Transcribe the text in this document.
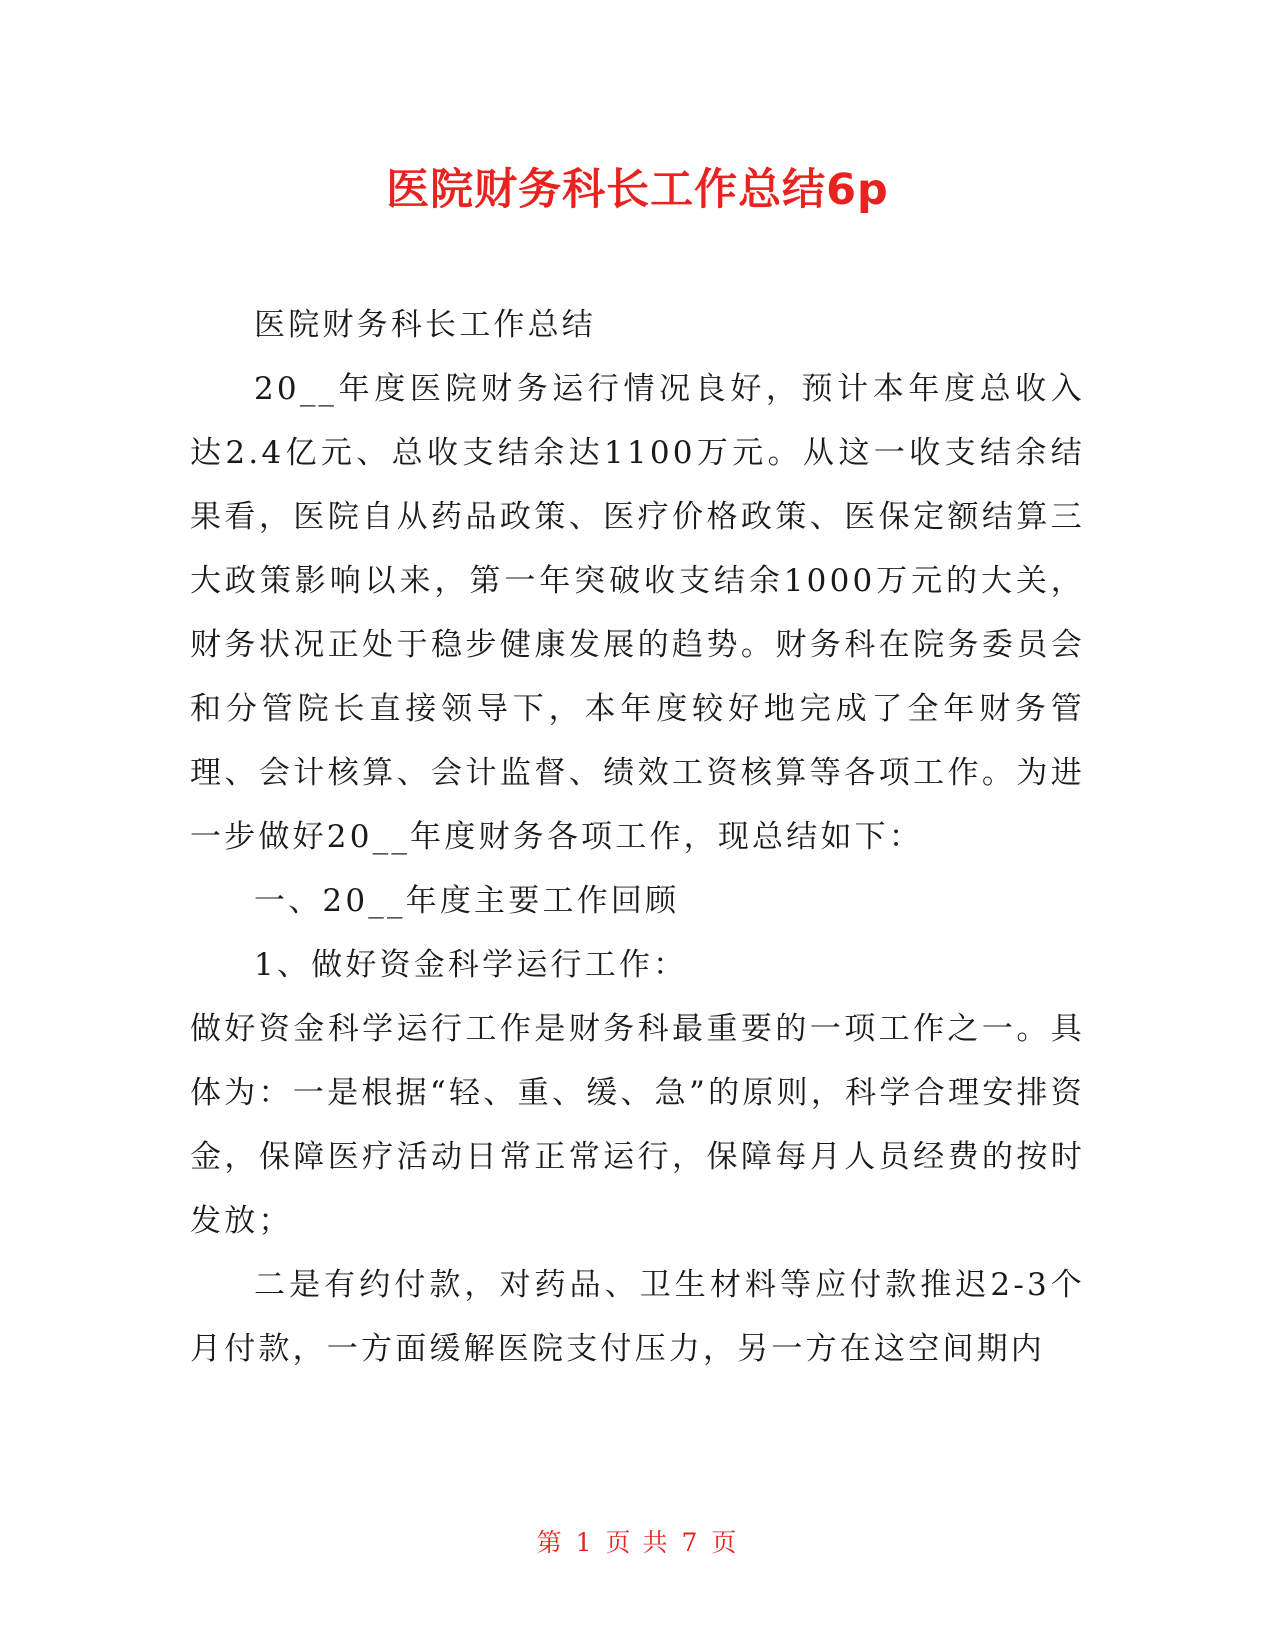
医院财务科长工作总结6p

医院财务科长工作总结

20__年度医院财务运行情况良好，预计本年度总收入达2.4亿元、总收支结余达1100万元。从这一收支结余结果看，医院自从药品政策、医疗价格政策、医保定额结算三大政策影响以来，第一年突破收支结余1000万元的大关，财务状况正处于稳步健康发展的趋势。财务科在院务委员会和分管院长直接领导下，本年度较好地完成了全年财务管理、会计核算、会计监督、绩效工资核算等各项工作。为进一步做好20__年度财务各项工作，现总结如下：

一、20__年度主要工作回顾

1、做好资金科学运行工作：

做好资金科学运行工作是财务科最重要的一项工作之一。具体为：一是根据“轻、重、缓、急”的原则，科学合理安排资金，保障医疗活动日常正常运行，保障每月人员经费的按时发放；

二是有约付款，对药品、卫生材料等应付款推迟2-3个月付款，一方面缓解医院支付压力，另一方在这空间期内

第 1 页 共 7 页
